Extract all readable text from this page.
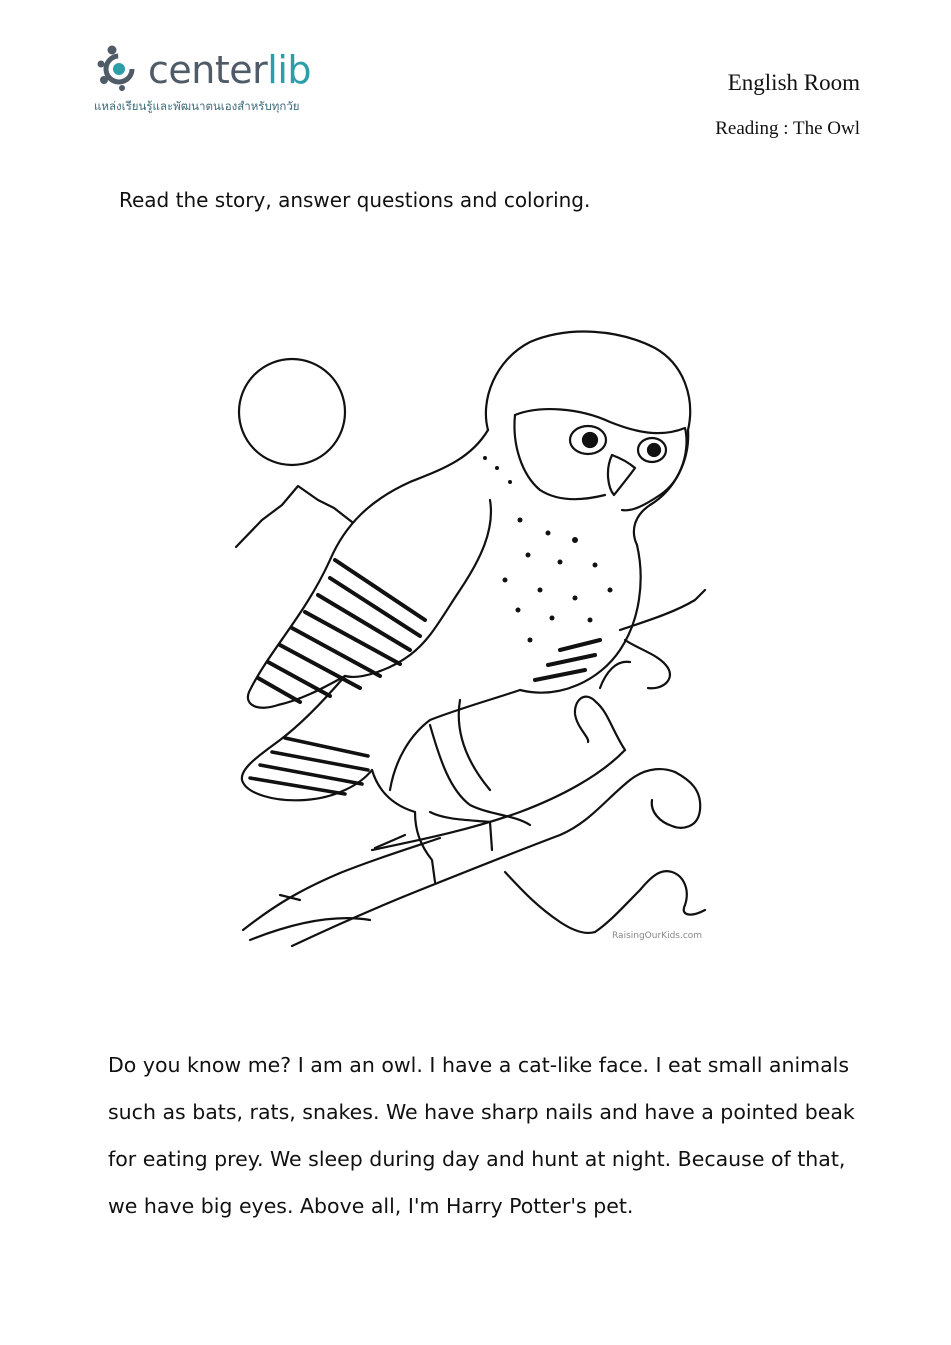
centerlib
แหล่งเรียนรู้และพัฒนาตนเองสำหรับทุกวัย
English Room
Reading : The Owl
Read the story, answer questions and coloring.
RaisingOurKids.com

Do you know me? I am an owl. I have a cat-like face. I eat small animals such as bats, rats, snakes. We have sharp nails and have a pointed beak for eating prey. We sleep during day and hunt at night. Because of that, we have big eyes. Above all, I'm Harry Potter's pet.
